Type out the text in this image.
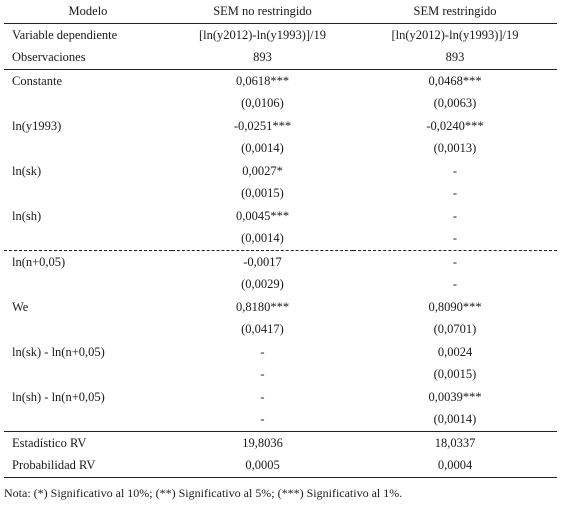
Modelo	SEM no restringido	SEM restringido
Variable dependiente	[ln(y2012)-ln(y1993)]/19	[ln(y2012)-ln(y1993)]/19
Observaciones	893	893
Constante	0,0618***	0,0468***
	(0,0106)	(0,0063)
ln(y1993)	-0,0251***	-0,0240***
	(0,0014)	(0,0013)
ln(sk)	0,0027*	-
	(0,0015)	-
ln(sh)	0,0045***	-
	(0,0014)	-
ln(n+0,05)	-0,0017	-
	(0,0029)	-
We	0,8180***	0,8090***
	(0,0417)	(0,0701)
ln(sk) - ln(n+0,05)	-	0,0024
	-	(0,0015)
ln(sh) - ln(n+0,05)	-	0,0039***
	-	(0,0014)
Estadístico RV	19,8036	18,0337
Probabilidad RV	0,0005	0,0004
Nota: (*) Significativo al 10%; (**) Significativo al 5%; (***) Significativo al 1%.
